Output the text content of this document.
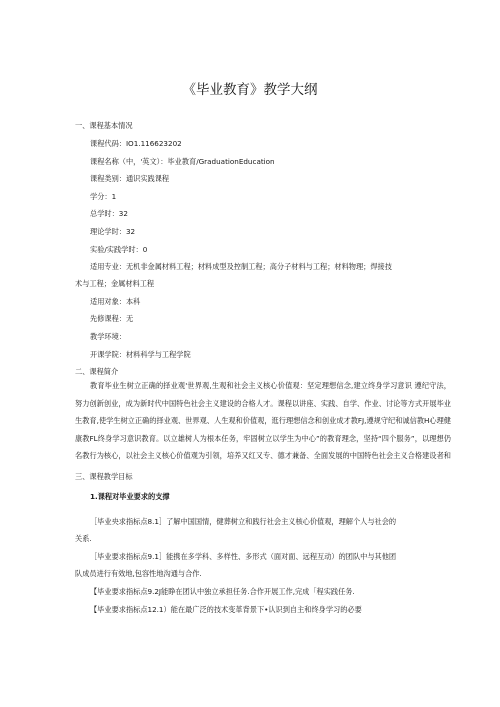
《毕业教育》教学大纲
一、课程基本情况
课程代码：IO1.116623202
课程名称（中，'英文）：毕业教育/GraduationEducation
课程类别：通识实践课程
学分：1
总学时：32
理论学时：32
实验/实践学时：0
适用专业：无机非金属材料工程；材料成型及控制工程；高分子材料与工程；材料物理；焊接技
术与工程；金属材料工程
适用对象：本科
先修课程：无
教学环境：
开课学院：材料科学与工程学院
二、课程简介
教育毕业生树立正确的择业观'世界观,生观和社会主义核心价值观：坚定理想信念,建立终身学习意识 遵纪守法，努力创新创业，成为新时代中国特色社会主义建设的合格人才。课程以讲座、实践、自学、作业、讨论等方式开展毕业生教育,使学生树立正确的择业观、世界观、人生观和价值观，逛行理想信念和创业成才教FJ,遵规守纪和诚信教H心理健康教FL终身学习意识教育。以立雄树人为根本任务，牢固树立以学生为中心”的教育理念，坚持“四个服务”，以理想仍名教行为核心，以社会主义核心价值观为引领，培养又红又专、德才兼备、全面发展的中国特色社会主义合格建设者和
三、课程教学目标
1.课程对毕业要求的支撑
［毕业央求指标点8.1］了解中国国情，健葬树立和践行社会主义核心价值观，理解个人与社会的
关系.
［毕业要求指标点9.1］能携在多学科、多样性、多形式（面对面、远程互动）的团队中与其他团
队成员进行有效地,包容性地沟通与合作.
【毕业要求指标点9.2J能睁在团认中独立承担任务.合作开展工作,完成「程实践任务.
【毕业要求指标点12.1）能在最广泛的技术变革背景下•认识到自主和终身学习的必要
